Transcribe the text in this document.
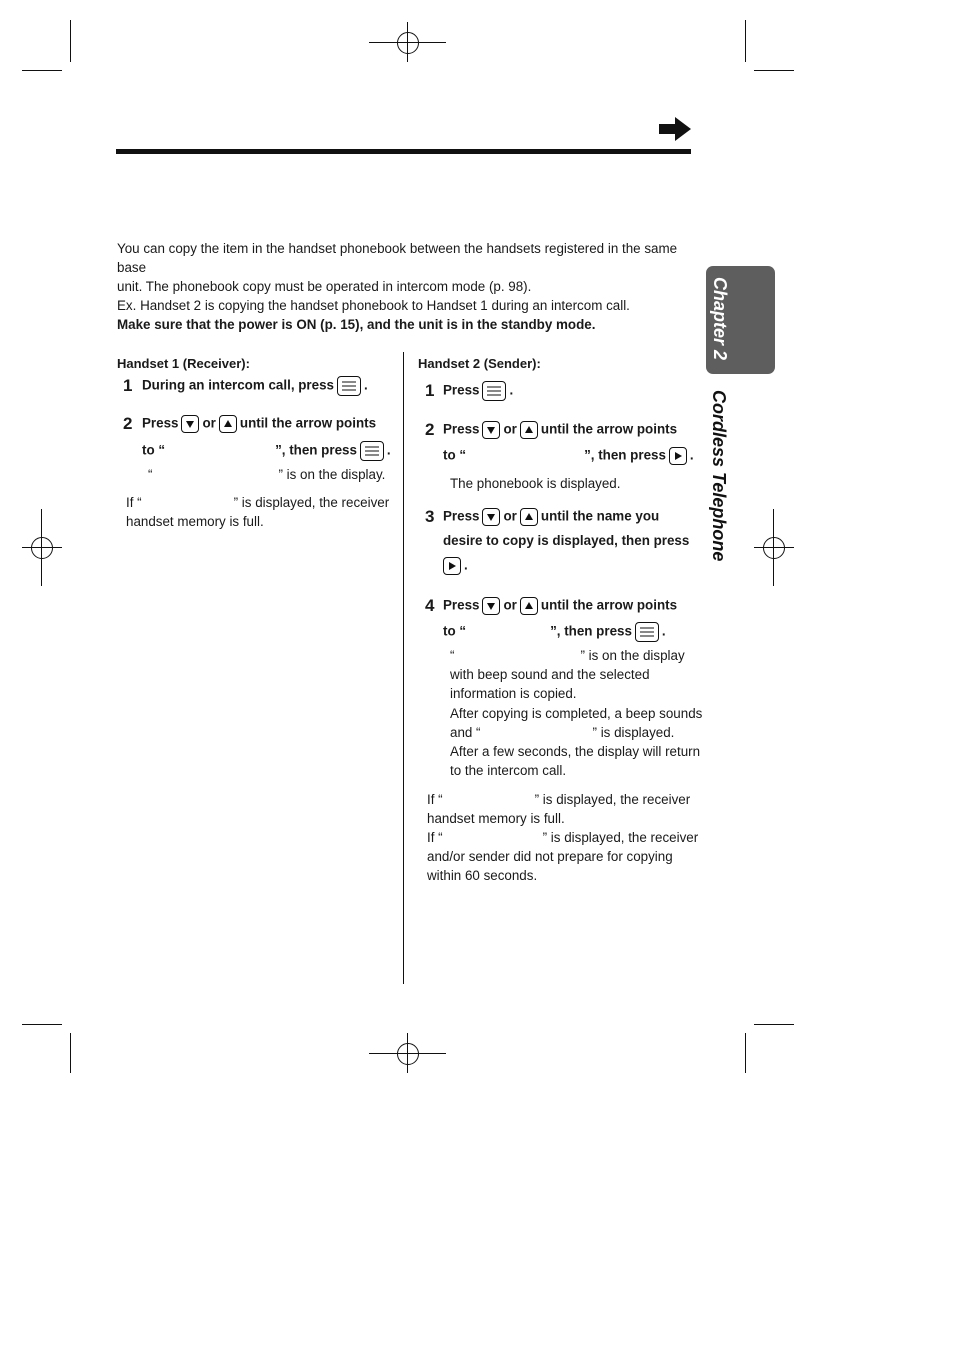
You can copy the item in the handset phonebook between the handsets registered in the same base
unit. The phonebook copy must be operated in intercom mode (p. 98).
Ex. Handset 2 is copying the handset phonebook to Handset 1 during an intercom call.
Make sure that the power is ON (p. 15), and the unit is in the standby mode.
Handset 1 (Receiver):
1 During an intercom call, press .
2 Press or until the arrow points
to “	”, then press .
“	” is on the display.
If “	” is displayed, the receiver
handset memory is full.
Handset 2 (Sender):
1 Press .
2 Press or until the arrow points
to “	”, then press .
The phonebook is displayed.
3 Press or until the name you
desire to copy is displayed, then press
.
4 Press or until the arrow points
to “	”, then press .
“	” is on the display
with beep sound and the selected
information is copied.
After copying is completed, a beep sounds
and “	” is displayed.
After a few seconds, the display will return
to the intercom call.
If “	” is displayed, the receiver
handset memory is full.
If “	” is displayed, the receiver
and/or sender did not prepare for copying
within 60 seconds.
Chapter 2
Cordless Telephone
